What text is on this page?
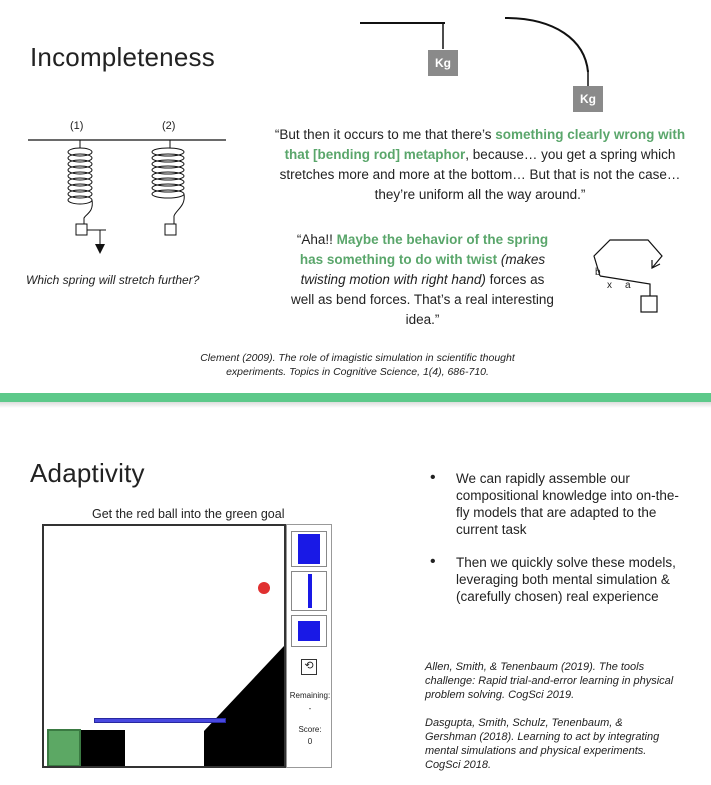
Incompleteness	Kg
Kg
(1)	(2)
Which spring will stretch further?
“But then it occurs to me that there’s something clearly wrong with that [bending rod] metaphor, because… you get a spring which stretches more and more at the bottom… But that is not the case…they’re uniform all the way around.”
“Aha!! Maybe the behavior of the spring has something to do with twist (makes twisting motion with right hand) forces as well as bend forces. That’s a real interesting idea.”
b
x a
Clement (2009). The role of imagistic simulation in scientific thought experiments. Topics in Cognitive Science, 1(4), 686-710.
Adaptivity
Get the red ball into the green goal
⟲
Remaining:
-
Score:
0
• We can rapidly assemble our compositional knowledge into on-the-fly models that are adapted to the current task
• Then we quickly solve these models, leveraging both mental simulation & (carefully chosen) real experience
Allen, Smith, & Tenenbaum (2019). The tools challenge: Rapid trial-and-error learning in physical problem solving. CogSci 2019.
Dasgupta, Smith, Schulz, Tenenbaum, & Gershman (2018). Learning to act by integrating mental simulations and physical experiments. CogSci 2018.
